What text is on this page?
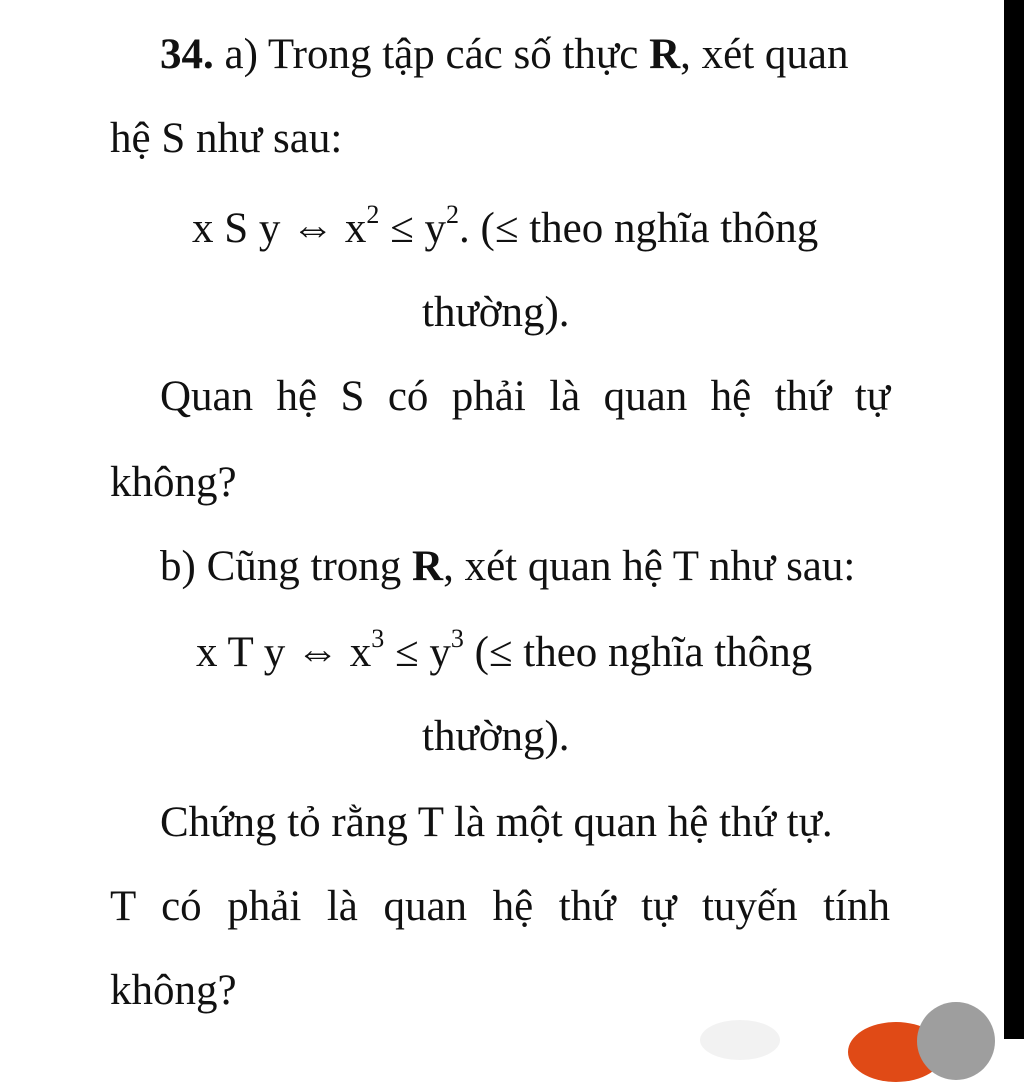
34. a) Trong tập các số thực R, xét quan
hệ S như sau:
x S y ⇔ $x^2 \le y^2$. (≤ theo nghĩa thông
thường).
Quan hệ S có phải là quan hệ thứ tự
không?
b) Cũng trong R, xét quan hệ T như sau:
x T y ⇔ $x^3 \le y^3$ (≤ theo nghĩa thông
thường).
Chứng tỏ rằng T là một quan hệ thứ tự.
T có phải là quan hệ thứ tự tuyến tính
không?
